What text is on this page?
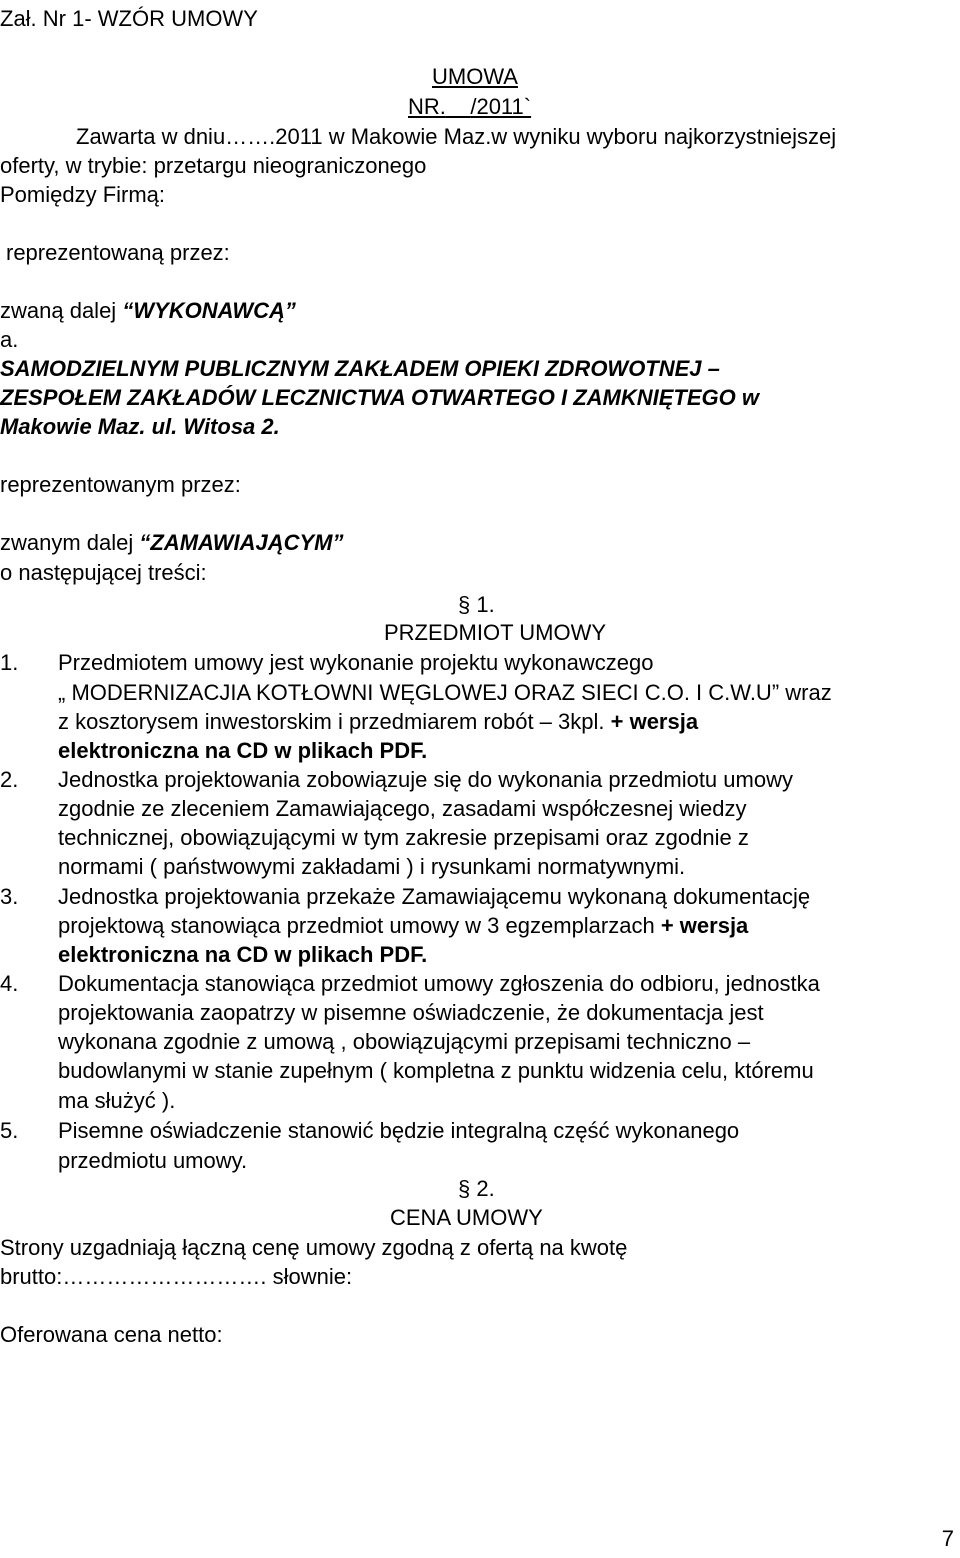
Zał. Nr 1- WZÓR UMOWY
UMOWA
NR. /2011`
Zawarta w dniu…….2011 w Makowie Maz.w wyniku wyboru najkorzystniejszej
oferty, w trybie: przetargu nieograniczonego
Pomiędzy Firmą:
reprezentowaną przez:
zwaną dalej “WYKONAWCĄ”
a.
SAMODZIELNYM PUBLICZNYM ZAKŁADEM OPIEKI ZDROWOTNEJ –
ZESPOŁEM ZAKŁADÓW LECZNICTWA OTWARTEGO I ZAMKNIĘTEGO w
Makowie Maz. ul. Witosa 2.
reprezentowanym przez:
zwanym dalej “ZAMAWIAJĄCYM”
o następującej treści:
§ 1.
PRZEDMIOT UMOWY
1. Przedmiotem umowy jest wykonanie projektu wykonawczego
„ MODERNIZACJIA KOTŁOWNI WĘGLOWEJ ORAZ SIECI C.O. I C.W.U” wraz
z kosztorysem inwestorskim i przedmiarem robót – 3kpl. + wersja
elektroniczna na CD w plikach PDF.
2. Jednostka projektowania zobowiązuje się do wykonania przedmiotu umowy
zgodnie ze zleceniem Zamawiającego, zasadami współczesnej wiedzy
technicznej, obowiązującymi w tym zakresie przepisami oraz zgodnie z
normami ( państwowymi zakładami ) i rysunkami normatywnymi.
3. Jednostka projektowania przekaże Zamawiającemu wykonaną dokumentację
projektową stanowiąca przedmiot umowy w 3 egzemplarzach + wersja
elektroniczna na CD w plikach PDF.
4. Dokumentacja stanowiąca przedmiot umowy zgłoszenia do odbioru, jednostka
projektowania zaopatrzy w pisemne oświadczenie, że dokumentacja jest
wykonana zgodnie z umową , obowiązującymi przepisami techniczno –
budowlanymi w stanie zupełnym ( kompletna z punktu widzenia celu, któremu
ma służyć ).
5. Pisemne oświadczenie stanowić będzie integralną część wykonanego
przedmiotu umowy.
§ 2.
CENA UMOWY
Strony uzgadniają łączną cenę umowy zgodną z ofertą na kwotę
brutto:………………………. słownie:
Oferowana cena netto:
7
